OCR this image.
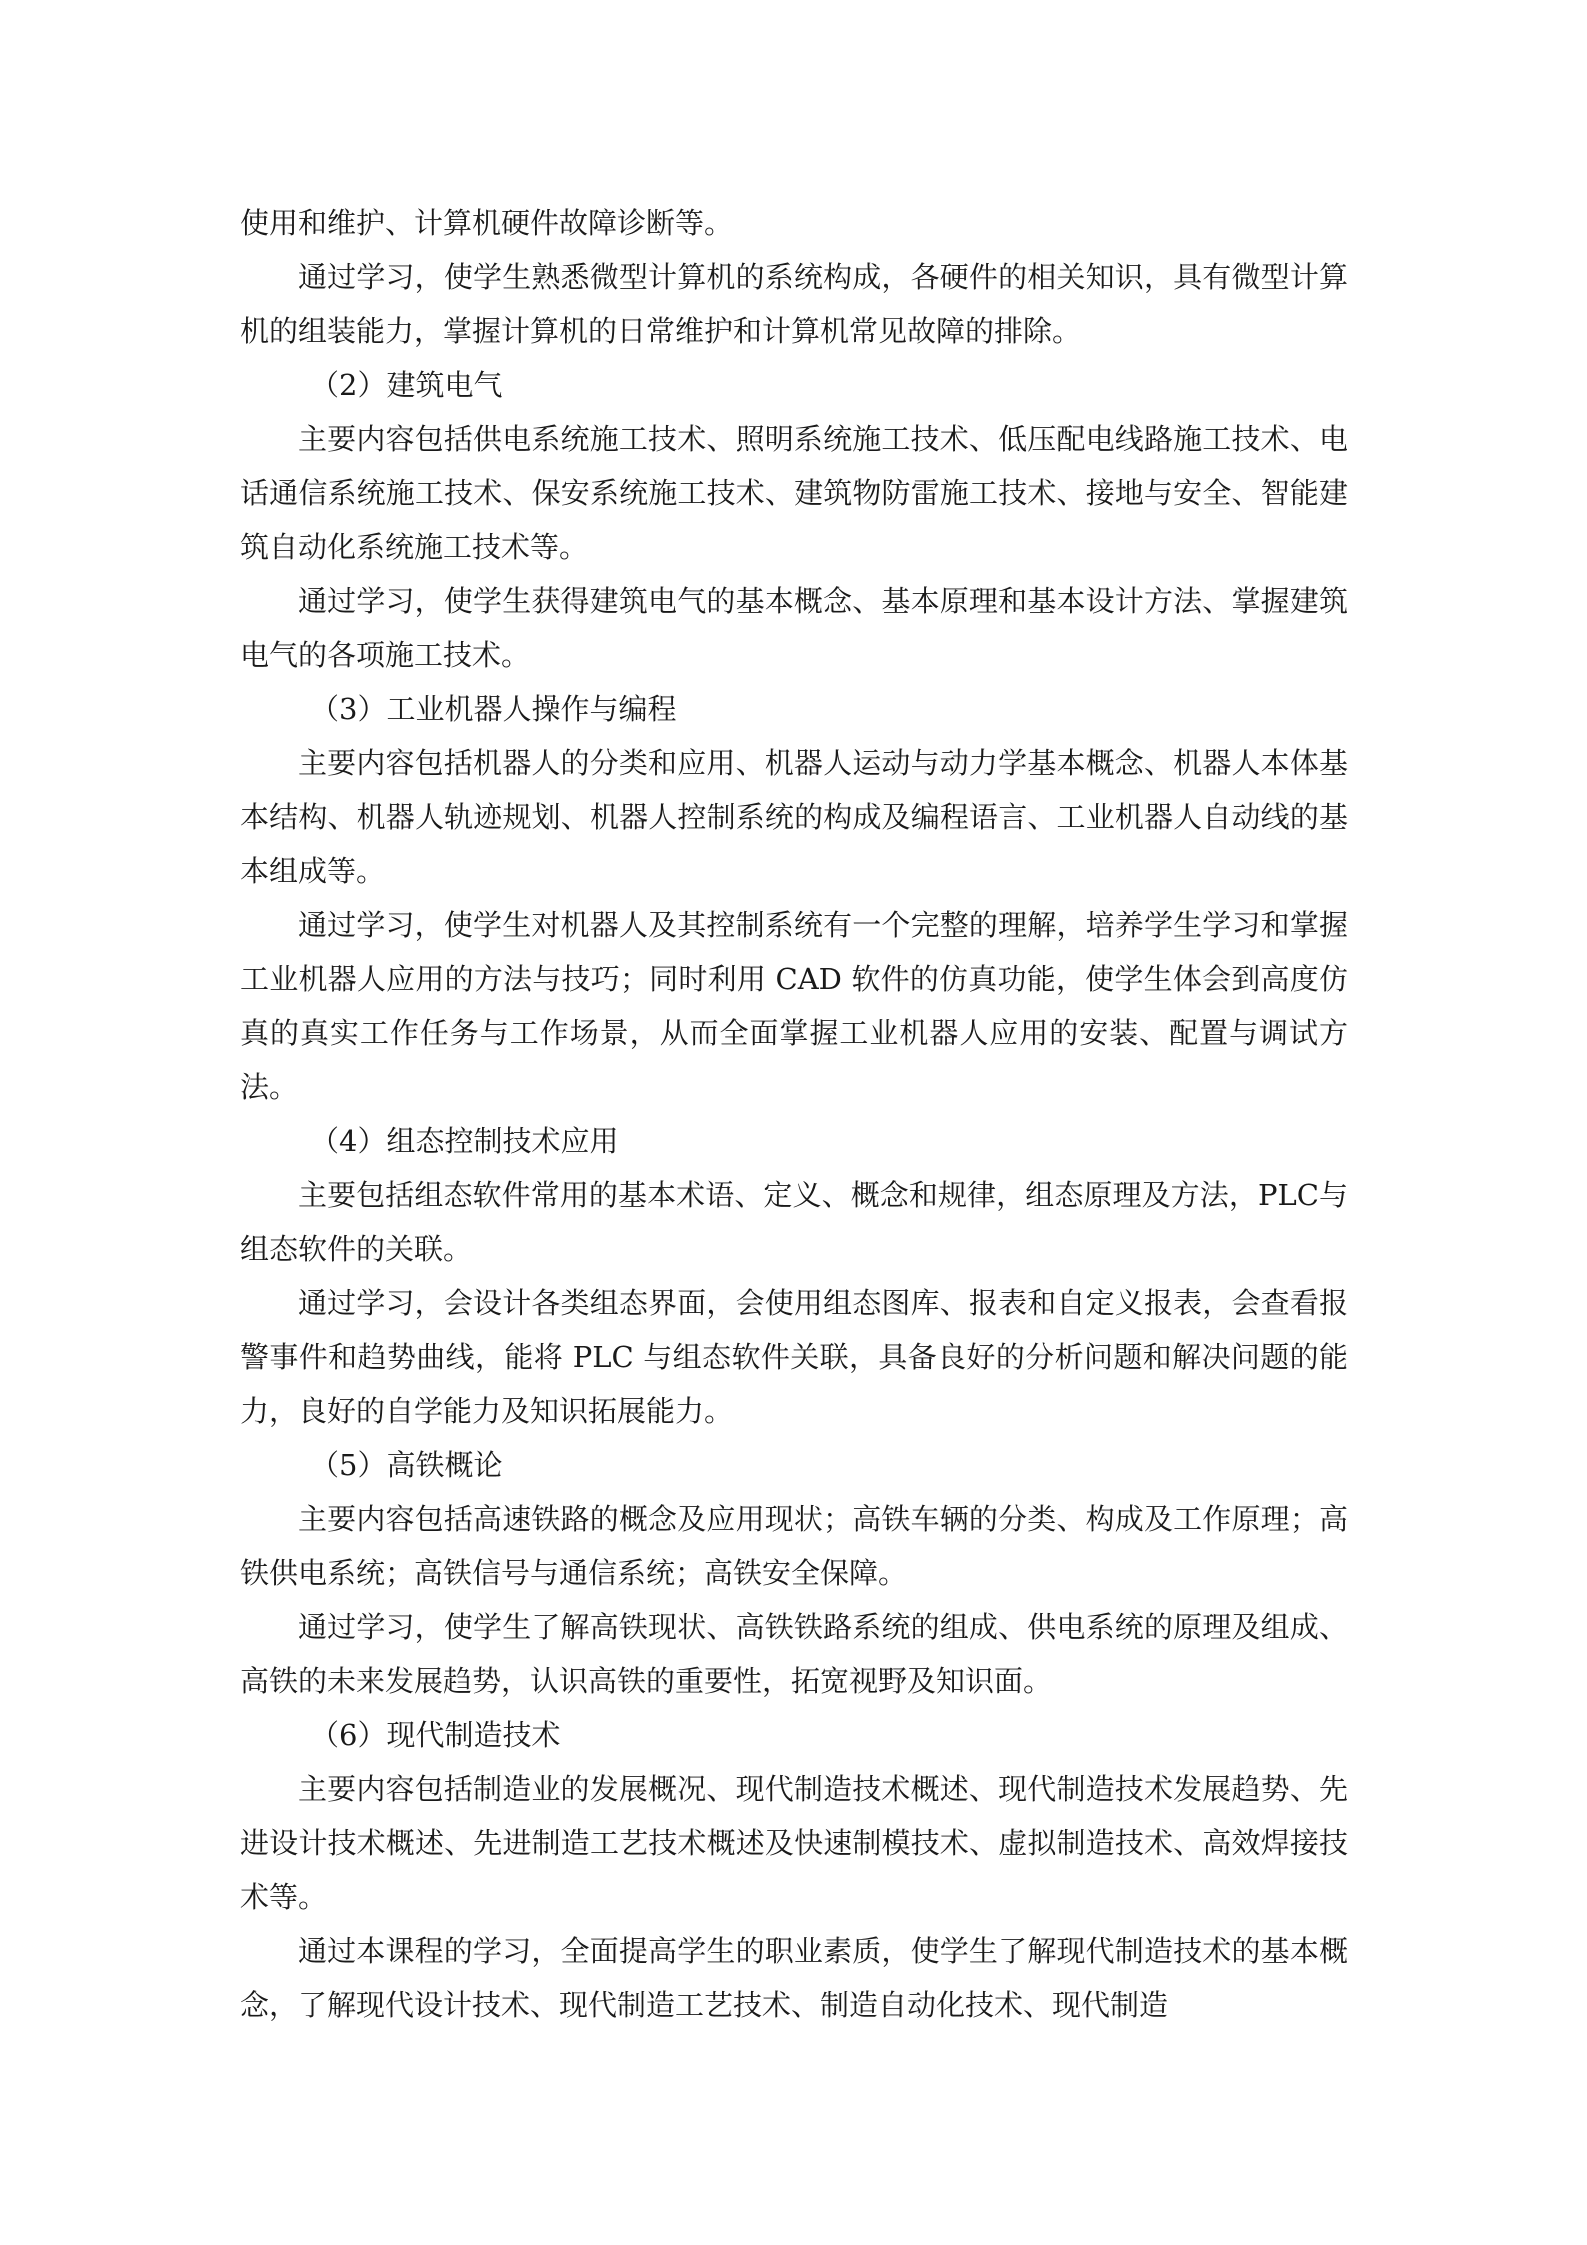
使用和维护、计算机硬件故障诊断等。

通过学习，使学生熟悉微型计算机的系统构成，各硬件的相关知识，具有微型计算机的组装能力，掌握计算机的日常维护和计算机常见故障的排除。

（2）建筑电气

主要内容包括供电系统施工技术、照明系统施工技术、低压配电线路施工技术、电话通信系统施工技术、保安系统施工技术、建筑物防雷施工技术、接地与安全、智能建筑自动化系统施工技术等。

通过学习，使学生获得建筑电气的基本概念、基本原理和基本设计方法、掌握建筑电气的各项施工技术。

（3）工业机器人操作与编程

主要内容包括机器人的分类和应用、机器人运动与动力学基本概念、机器人本体基本结构、机器人轨迹规划、机器人控制系统的构成及编程语言、工业机器人自动线的基本组成等。

通过学习，使学生对机器人及其控制系统有一个完整的理解，培养学生学习和掌握工业机器人应用的方法与技巧；同时利用 CAD 软件的仿真功能，使学生体会到高度仿真的真实工作任务与工作场景，从而全面掌握工业机器人应用的安装、配置与调试方法。

（4）组态控制技术应用

主要包括组态软件常用的基本术语、定义、概念和规律，组态原理及方法，PLC与组态软件的关联。

通过学习，会设计各类组态界面，会使用组态图库、报表和自定义报表，会查看报警事件和趋势曲线，能将 PLC 与组态软件关联，具备良好的分析问题和解决问题的能力，良好的自学能力及知识拓展能力。

（5）高铁概论

主要内容包括高速铁路的概念及应用现状；高铁车辆的分类、构成及工作原理；高铁供电系统；高铁信号与通信系统；高铁安全保障。

通过学习，使学生了解高铁现状、高铁铁路系统的组成、供电系统的原理及组成、高铁的未来发展趋势，认识高铁的重要性，拓宽视野及知识面。

（6）现代制造技术

主要内容包括制造业的发展概况、现代制造技术概述、现代制造技术发展趋势、先进设计技术概述、先进制造工艺技术概述及快速制模技术、虚拟制造技术、高效焊接技术等。

通过本课程的学习，全面提高学生的职业素质，使学生了解现代制造技术的基本概念，了解现代设计技术、现代制造工艺技术、制造自动化技术、现代制造
